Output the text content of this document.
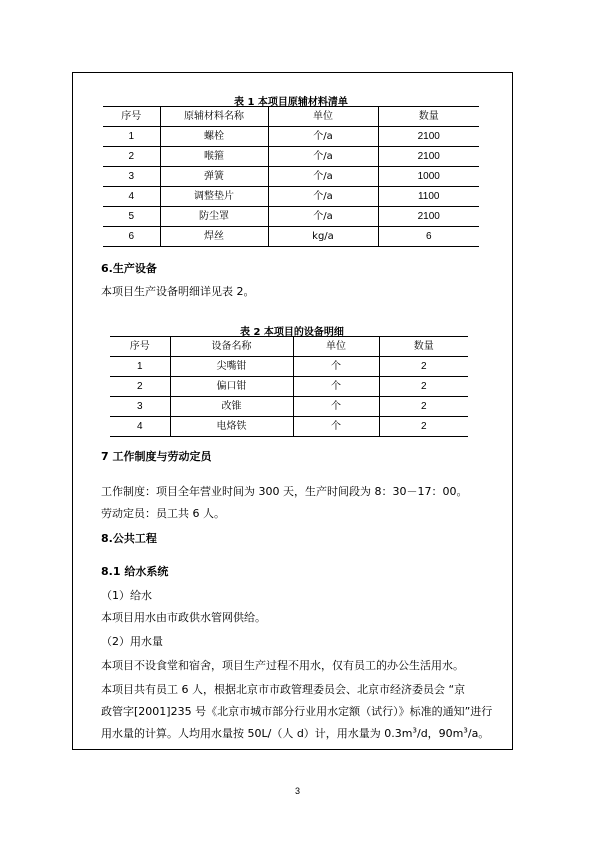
表 1 本项目原辅材料清单
序号	原辅材料名称	单位	数量
1	螺栓	个/a	2100
2	喉箍	个/a	2100
3	弹簧	个/a	1000
4	调整垫片	个/a	1100
5	防尘罩	个/a	2100
6	焊丝	kg/a	6
6.生产设备
本项目生产设备明细详见表 2。
表 2 本项目的设备明细
序号	设备名称	单位	数量
1	尖嘴钳	个	2
2	偏口钳	个	2
3	改锥	个	2
4	电烙铁	个	2
7 工作制度与劳动定员
工作制度：项目全年营业时间为 300 天，生产时间段为 8：30－17：00。
劳动定员：员工共 6 人。
8.公共工程
8.1 给水系统
（1）给水
本项目用水由市政供水管网供给。
（2）用水量
本项目不设食堂和宿舍，项目生产过程不用水，仅有员工的办公生活用水。
本项目共有员工 6 人，根据北京市市政管理委员会、北京市经济委员会 “京
政管字[2001]235 号《北京市城市部分行业用水定额（试行）》标准的通知”进行
用水量的计算。人均用水量按 50L/（人 d）计，用水量为 $0.3m^3/d$，$90m^3/a$。
3
